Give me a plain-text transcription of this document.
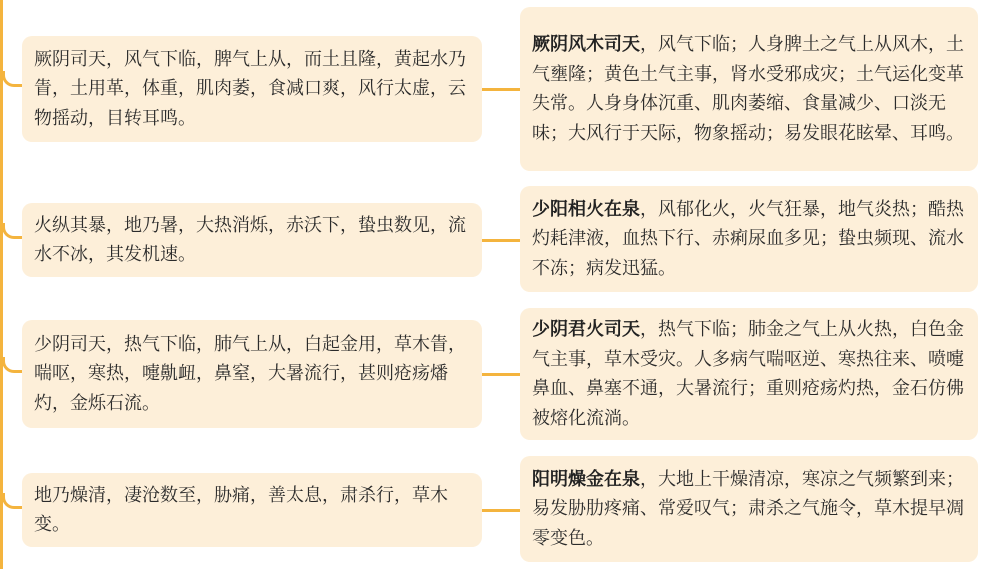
厥阴司天，风气下临，脾气上从，而土且隆，黄起水乃眚，土用革，体重，肌肉萎，食减口爽，风行太虚，云物摇动，目转耳鸣。
厥阴风木司天，风气下临；人身脾土之气上从风木，土气壅隆；黄色土气主事，肾水受邪成灾；土气运化变革失常。人身身体沉重、肌肉萎缩、食量减少、口淡无味；大风行于天际，物象摇动；易发眼花眩晕、耳鸣。
火纵其暴，地乃暑，大热消烁，赤沃下，蛰虫数见，流水不冰，其发机速。
少阳相火在泉，风郁化火，火气狂暴，地气炎热；酷热灼耗津液，血热下行、赤痢尿血多见；蛰虫频现、流水不冻；病发迅猛。
少阴司天，热气下临，肺气上从，白起金用，草木眚，喘呕，寒热，嚏鼽衄，鼻窒，大暑流行，甚则疮疡燔灼，金烁石流。
少阴君火司天，热气下临；肺金之气上从火热，白色金气主事，草木受灾。人多病气喘呕逆、寒热往来、喷嚏鼻血、鼻塞不通，大暑流行；重则疮疡灼热，金石仿佛被熔化流淌。
地乃燥清，凄沧数至，胁痛，善太息，肃杀行，草木变。
阳明燥金在泉，大地上干燥清凉，寒凉之气频繁到来；易发胁肋疼痛、常爱叹气；肃杀之气施令，草木提早凋零变色。
